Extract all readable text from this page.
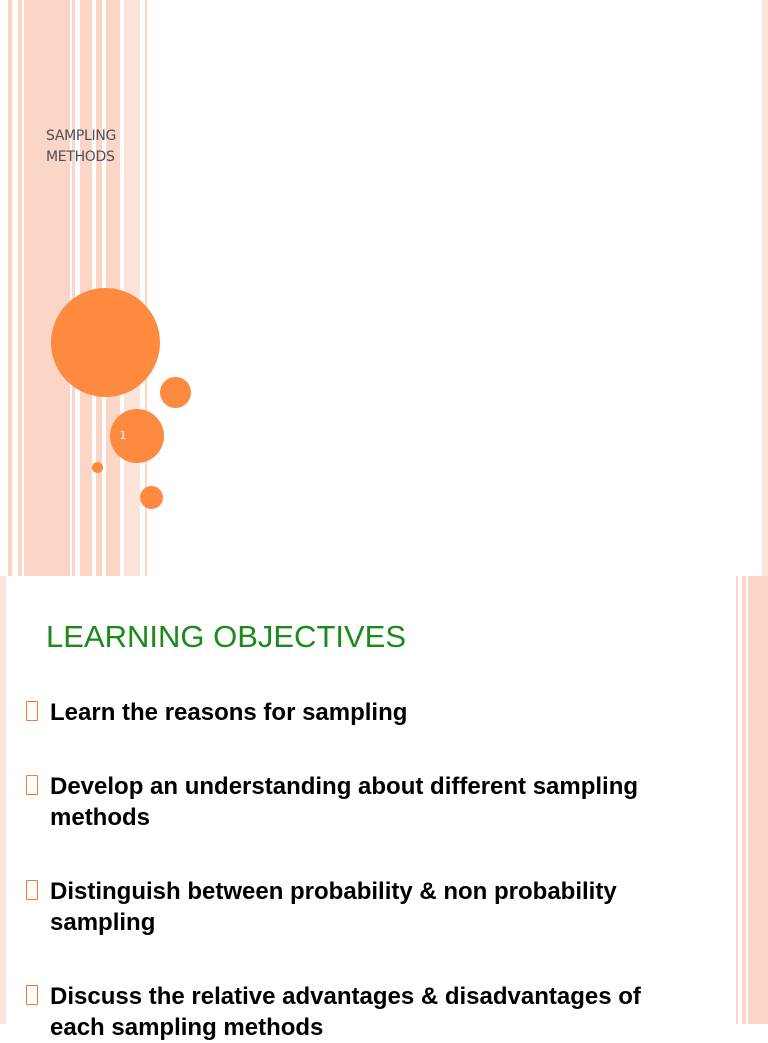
SAMPLING METHODS
1
LEARNING OBJECTIVES
Learn the reasons for sampling
Develop an understanding about different sampling methods
Distinguish between probability & non probability sampling
Discuss the relative advantages & disadvantages of each sampling methods
